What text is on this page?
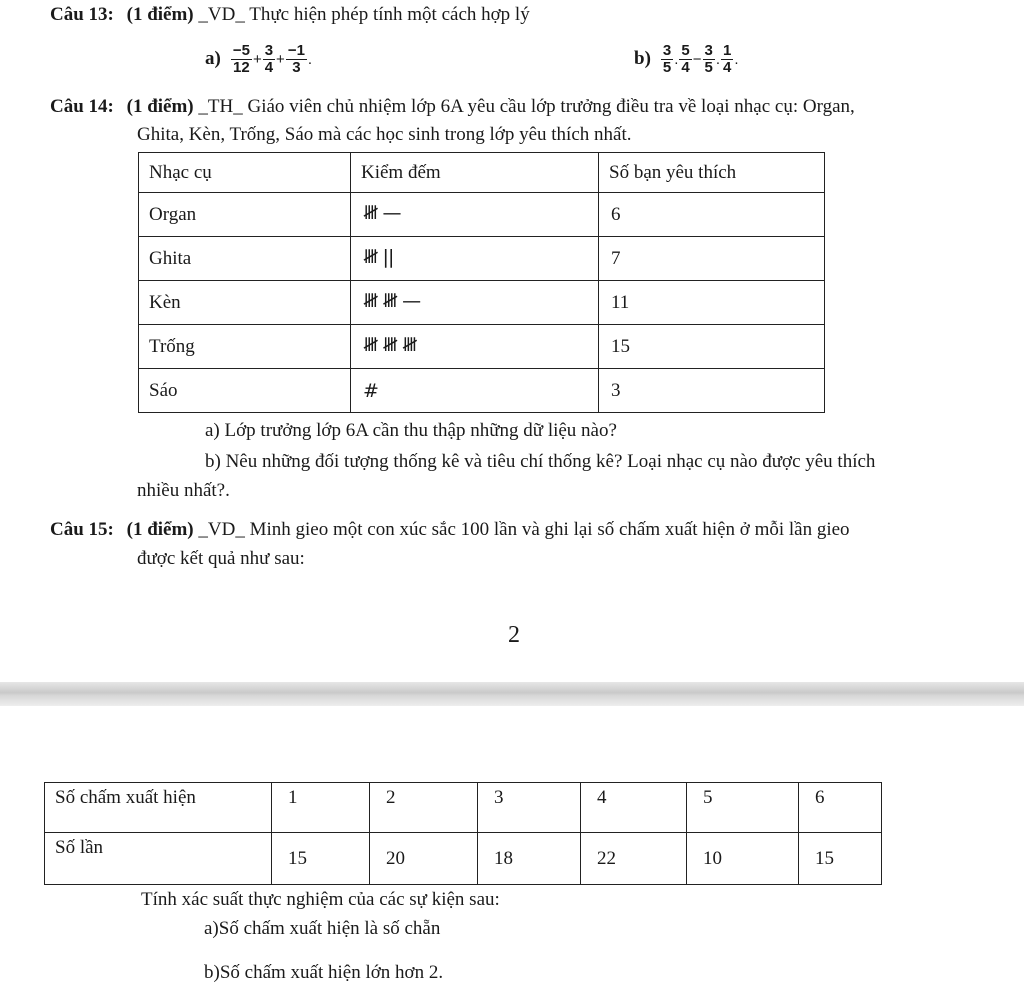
Câu 13: (1 điểm) _VD_ Thực hiện phép tính một cách hợp lý
$a) \frac{-5}{12} + \frac{3}{4} + \frac{-1}{3}$ .	$b) \frac{3}{5}$ . $\frac{5}{4} - \frac{3}{5}$ . $\frac{1}{4}$ .
Câu 14: (1 điểm) _TH_ Giáo viên chủ nhiệm lớp 6A yêu cầu lớp trưởng điều tra về loại nhạc cụ: Organ,
Ghita, Kèn, Trống, Sáo mà các học sinh trong lớp yêu thích nhất.
Nhạc cụ	Kiểm đếm	Số bạn yêu thích
Organ	𝍸 —	6
Ghita	𝍸 ||	7
Kèn	𝍸 𝍸 —	11
Trống	𝍸 𝍸 𝍸	15
Sáo	#	3
a) Lớp trưởng lớp 6A cần thu thập những dữ liệu nào?
b) Nêu những đối tượng thống kê và tiêu chí thống kê? Loại nhạc cụ nào được yêu thích
nhiều nhất?.
Câu 15: (1 điểm) _VD_ Minh gieo một con xúc sắc 100 lần và ghi lại số chấm xuất hiện ở mỗi lần gieo
được kết quả như sau:
2
Số chấm xuất hiện	1	2	3	4	5	6
Số lần	15	20	18	22	10	15
Tính xác suất thực nghiệm của các sự kiện sau:
a)Số chấm xuất hiện là số chẵn
b)Số chấm xuất hiện lớn hơn 2.
